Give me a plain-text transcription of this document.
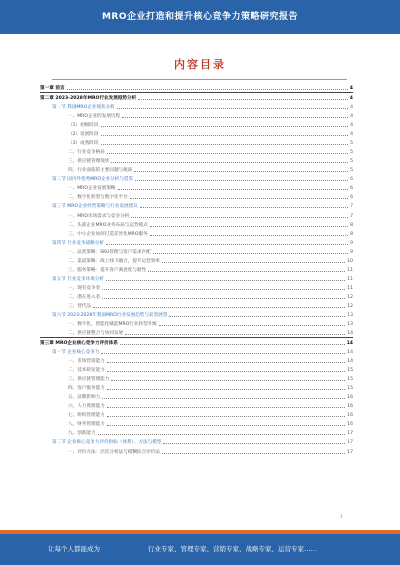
MRO企业打造和提升核心竞争力策略研究报告
内容目录
第一章 前言	4
第二章 2023-2028年MRO行业发展趋势分析	4
第一节 我国MRO企业现状分析	4
一、MRO企业的发展历程	4
（1）初级阶段	4
（2）发展阶段	4
（3）成熟阶段	5
二、行业竞争格局	5
三、供应链管理现状	5
四、行业面临的主要问题与挑战	5
第二节 国内外优秀MRO企业分析与借鉴	6
一、MRO企业发展策略	6
二、数字化转型与数字化平台	6
第三节 MRO企业经营策略与行业发展建议	7
一、MRO市场需求与竞争分析	7
二、头部企业MRO业务布局与运营模式	8
三、中小企业如何打造差异化MRO服务	8
第四节 行业竞争战略分析	9
一、品类策略：SKU管理与客户需求匹配	9
二、渠道策略：线上线下融合，提升运营效率	10
三、服务策略：提升客户满意度与黏性	11
第五节 行业竞争环境分析	11
一、现有竞争者	11
二、潜在进入者	12
三、替代品	12
第六节 2023-2028年我国MRO行业发展趋势与前景展望	13
一、数字化、智能化赋能MRO行业转型升级	13
二、供应链整合与协同发展	14
第三章 MRO企业核心竞争力评价体系	14
第一节 企业核心竞争力	14
一、市场营销能力	14
二、技术研发能力	15
三、供应链管理能力	15
四、客户服务能力	15
五、品牌影响力	16
六、人力资源能力	16
七、组织管理能力	16
八、财务管理能力	16
九、创新能力	17
第二节 企业核心竞争力评价指标（体系）、方法与模型	17
一、评价方法：层次分析法与模糊综合评价法	17
1
让每个人都能成为	行业专家、管理专家、营销专家、战略专家、运营专家……
